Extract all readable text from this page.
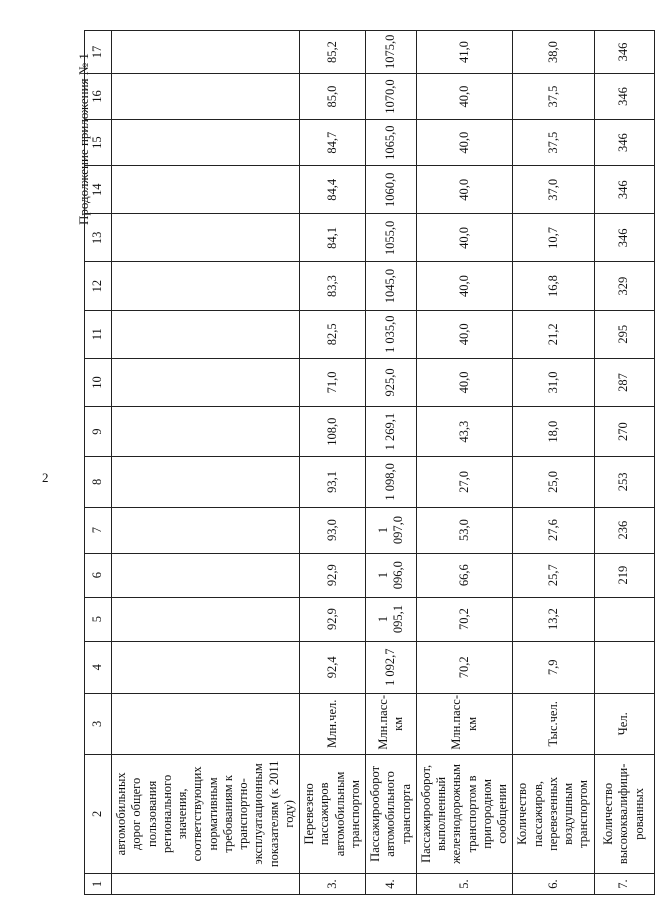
2
Продолжение приложения № 1
1	2	3	4	5	6	7	8	9	10	11	12	13	14	15	16	17
	автомобильных дорог общего пользования регионального значения, соответствующих нормативным требованиям к транспортно-эксплуатационным показателям (к 2011 году)															
3.	Перевезено пассажиров автомобильным транспортом	Млн.чел.	92,4	92,9	92,9	93,0	93,1	108,0	71,0	82,5	83,3	84,1	84,4	84,7	85,0	85,2
4.	Пассажирооборот автомобильного транспорта	Млн.пасс-км	1 092,7	1 095,1	1 096,0	1 097,0	1 098,0	1 269,1	925,0	1 035,0	1045,0	1055,0	1060,0	1065,0	1070,0	1075,0
5.	Пассажирооборот, выполненный железнодорожным транспортом в пригородном сообщении	Млн.пасс-км	70,2	70,2	66,6	53,0	27,0	43,3	40,0	40,0	40,0	40,0	40,0	40,0	40,0	41,0
6.	Количество пассажиров, перевезенных воздушным транспортом	Тыс.чел.	7,9	13,2	25,7	27,6	25,0	18,0	31,0	21,2	16,8	10,7	37,0	37,5	37,5	38,0
7.	Количество высококвалифици-рованных	Чел.			219	236	253	270	287	295	329	346	346	346	346	346
